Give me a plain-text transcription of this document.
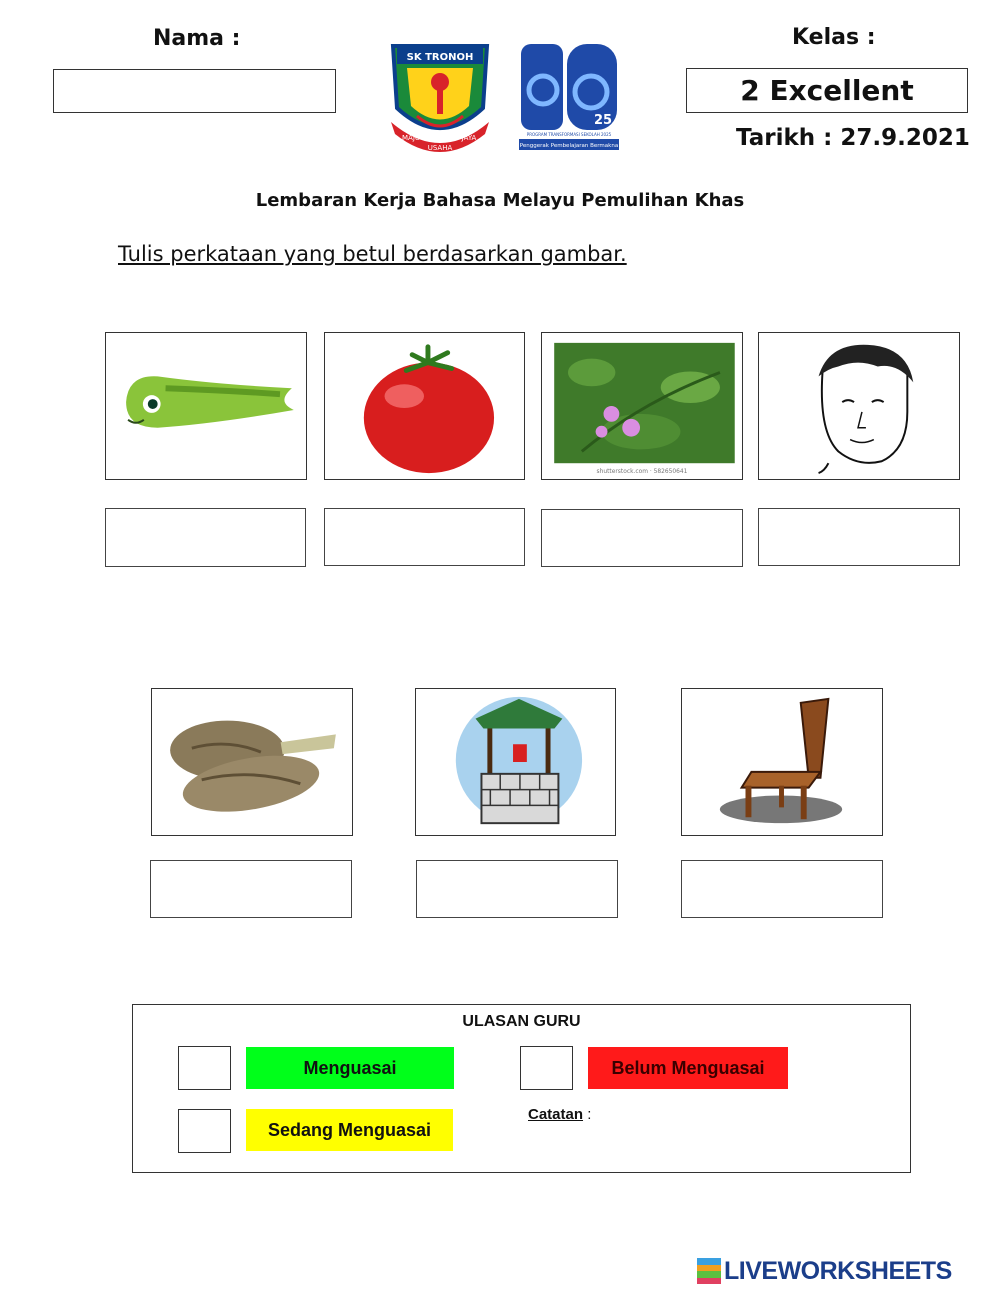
Nama :
SK TRONOH
MAJU
USAHA
JAYA
25
PROGRAM TRANSFORMASI SEKOLAH 2025
Penggerak Pembelajaran Bermakna
Kelas :
2 Excellent
Tarikh : 27.9.2021
Lembaran Kerja Bahasa Melayu Pemulihan Khas
Tulis perkataan yang betul berdasarkan gambar.
shutterstock.com · 582650641
ULASAN GURU
Menguasai	Belum Menguasai
Sedang Menguasai
Catatan :
LIVEWORKSHEETS
